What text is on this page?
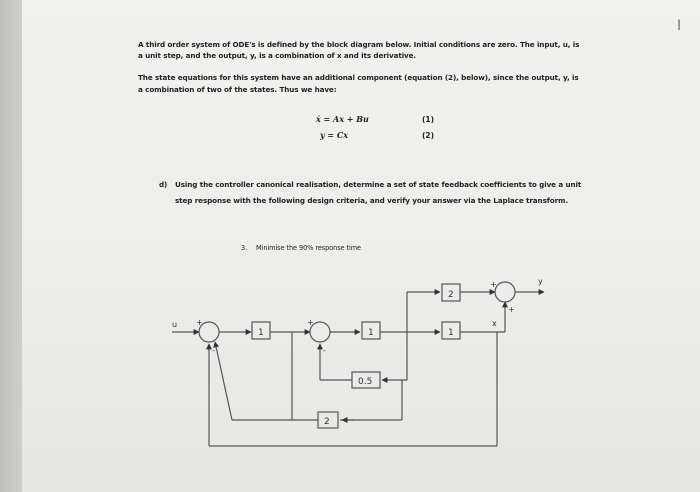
I
A third order system of ODE's is defined by the block diagram below. Initial conditions are zero. The input, u, is
a unit step, and the output, y, is a combination of x and its derivative.
The state equations for this system have an additional component (equation (2), below), since the output, y, is
a combination of two of the states. Thus we have:
ẋ = Ax + Bu	(1)
y = Cx	(2)
d) Using the controller canonical realisation, determine a set of state feedback coefficients to give a unit
step response with the following design criteria, and verify your answer via the Laplace transform.
3. Minimise the 90% response time
u
y
x
1	1	1
2
0.5
2
+
-
+
-
+
+
